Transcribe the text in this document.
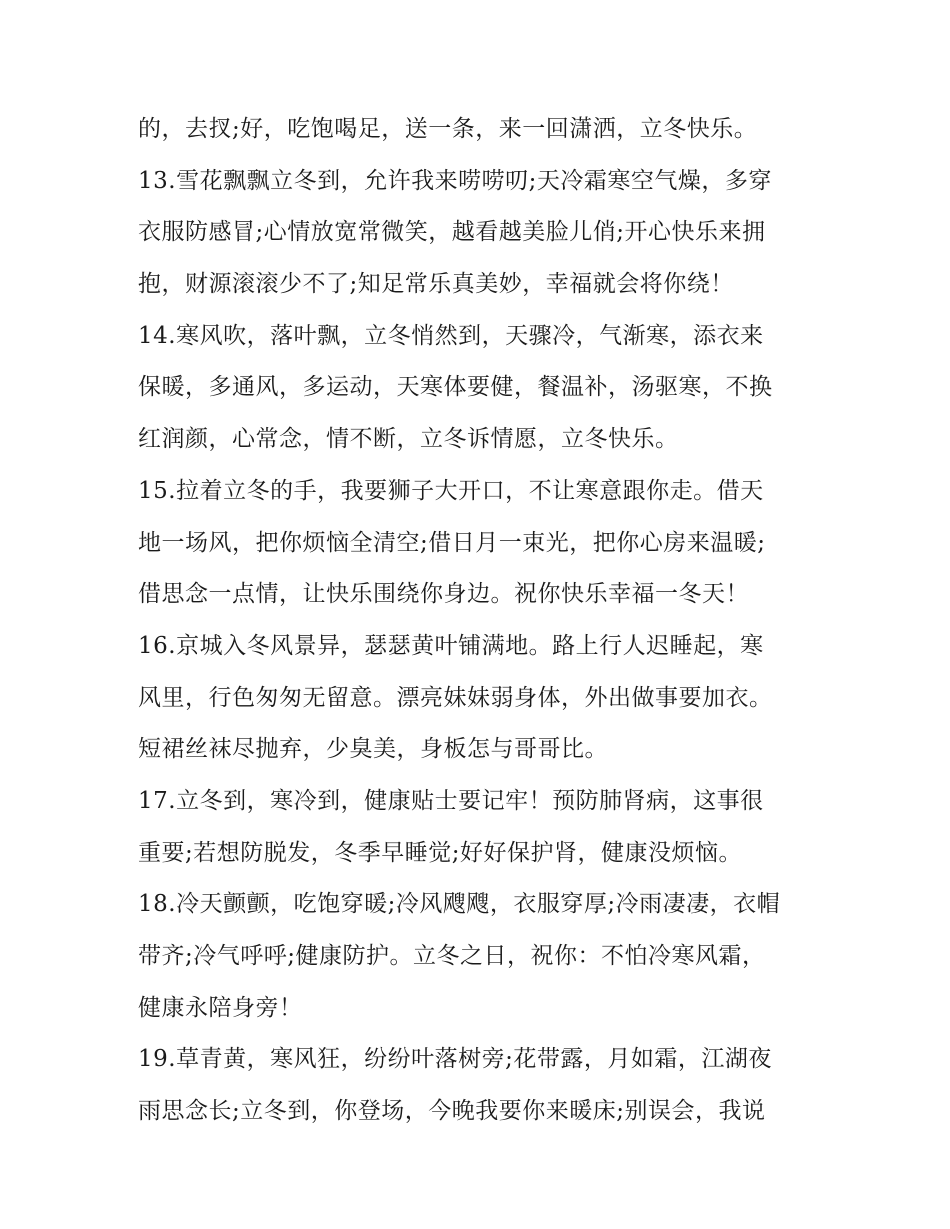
的，去扠;好，吃饱喝足，送一条，来一回潇洒，立冬快乐。
13.雪花飘飘立冬到，允许我来唠唠叨;天冷霜寒空气燥，多穿
衣服防感冒;心情放宽常微笑，越看越美脸儿俏;开心快乐来拥
抱，财源滚滚少不了;知足常乐真美妙，幸福就会将你绕！
14.寒风吹，落叶飘，立冬悄然到，天骤冷，气渐寒，添衣来
保暖，多通风，多运动，天寒体要健，餐温补，汤驱寒，不换
红润颜，心常念，情不断，立冬诉情愿，立冬快乐。
15.拉着立冬的手，我要狮子大开口，不让寒意跟你走。借天
地一场风，把你烦恼全清空;借日月一束光，把你心房来温暖;
借思念一点情，让快乐围绕你身边。祝你快乐幸福一冬天！
16.京城入冬风景异，瑟瑟黄叶铺满地。路上行人迟睡起，寒
风里，行色匆匆无留意。漂亮妹妹弱身体，外出做事要加衣。
短裙丝袜尽抛弃，少臭美，身板怎与哥哥比。
17.立冬到，寒冷到，健康贴士要记牢！预防肺肾病，这事很
重要;若想防脱发，冬季早睡觉;好好保护肾，健康没烦恼。
18.冷天颤颤，吃饱穿暖;冷风飕飕，衣服穿厚;冷雨凄凄，衣帽
带齐;冷气呼呼;健康防护。立冬之日，祝你：不怕冷寒风霜，
健康永陪身旁！
19.草青黄，寒风狂，纷纷叶落树旁;花带露，月如霜，江湖夜
雨思念长;立冬到，你登场，今晚我要你来暖床;别误会，我说
